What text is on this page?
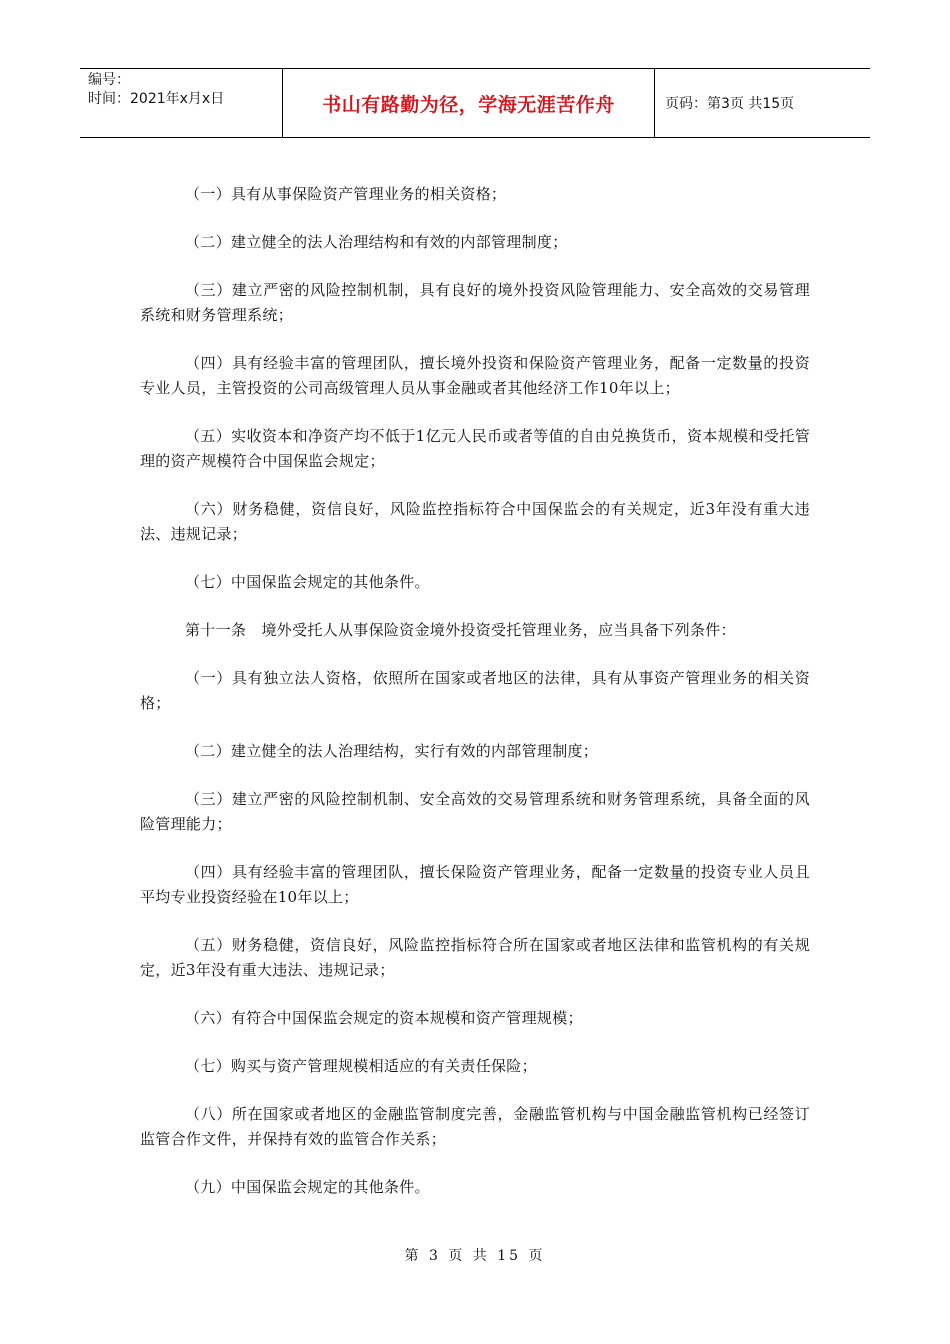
编号：
时间：2021年x月x日	书山有路勤为径，学海无涯苦作舟	页码：第3页 共15页

（一）具有从事保险资产管理业务的相关资格；

（二）建立健全的法人治理结构和有效的内部管理制度；

（三）建立严密的风险控制机制，具有良好的境外投资风险管理能力、安全高效的交易管理系统和财务管理系统；

（四）具有经验丰富的管理团队，擅长境外投资和保险资产管理业务，配备一定数量的投资专业人员，主管投资的公司高级管理人员从事金融或者其他经济工作10年以上；

（五）实收资本和净资产均不低于1亿元人民币或者等值的自由兑换货币，资本规模和受托管理的资产规模符合中国保监会规定；

（六）财务稳健，资信良好，风险监控指标符合中国保监会的有关规定，近3年没有重大违法、违规记录；

（七）中国保监会规定的其他条件。

第十一条　境外受托人从事保险资金境外投资受托管理业务，应当具备下列条件：

（一）具有独立法人资格，依照所在国家或者地区的法律，具有从事资产管理业务的相关资格；

（二）建立健全的法人治理结构，实行有效的内部管理制度；

（三）建立严密的风险控制机制、安全高效的交易管理系统和财务管理系统，具备全面的风险管理能力；

（四）具有经验丰富的管理团队，擅长保险资产管理业务，配备一定数量的投资专业人员且平均专业投资经验在10年以上；

（五）财务稳健，资信良好，风险监控指标符合所在国家或者地区法律和监管机构的有关规定，近3年没有重大违法、违规记录；

（六）有符合中国保监会规定的资本规模和资产管理规模；

（七）购买与资产管理规模相适应的有关责任保险；

（八）所在国家或者地区的金融监管制度完善，金融监管机构与中国金融监管机构已经签订监管合作文件，并保持有效的监管合作关系；

（九）中国保监会规定的其他条件。

第 3 页 共 15 页
